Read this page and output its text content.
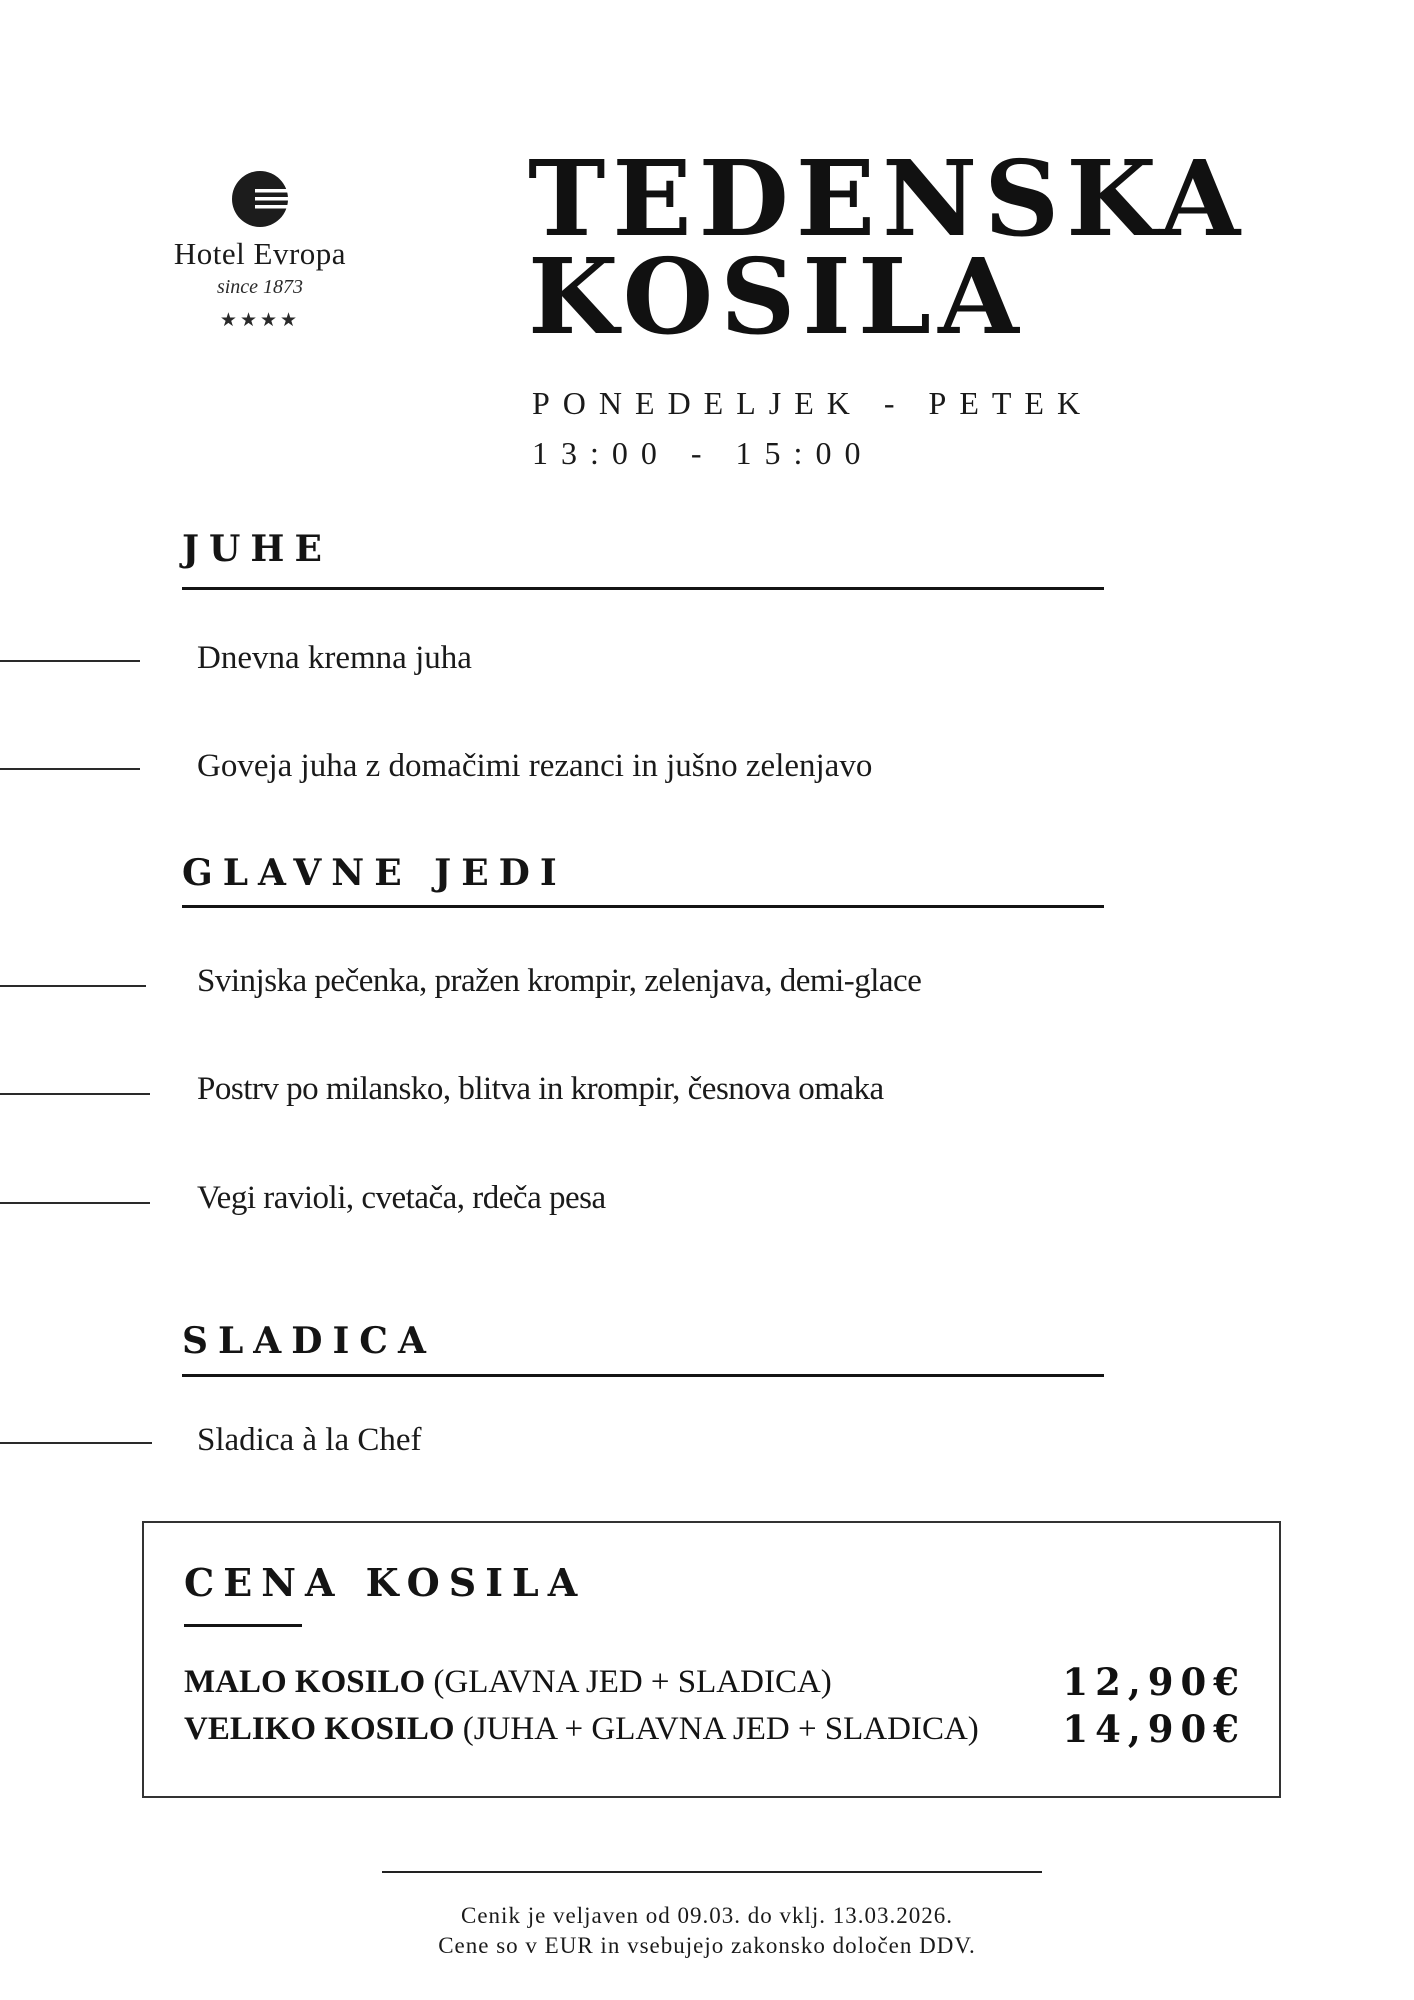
Hotel Evropa
since 1873
★★★★
TEDENSKA
KOSILA
PONEDELJEK - PETEK
13:00 - 15:00
JUHE
Dnevna kremna juha
Goveja juha z domačimi rezanci in jušno zelenjavo
GLAVNE JEDI
Svinjska pečenka, pražen krompir, zelenjava, demi-glace
Postrv po milansko, blitva in krompir, česnova omaka
Vegi ravioli, cvetača, rdeča pesa
SLADICA
Sladica à la Chef
CENA KOSILA
MALO KOSILO (GLAVNA JED + SLADICA)	12,90€
VELIKO KOSILO (JUHA + GLAVNA JED + SLADICA) 14,90€
Cenik je veljaven od 09.03. do vklj. 13.03.2026.
Cene so v EUR in vsebujejo zakonsko določen DDV.
